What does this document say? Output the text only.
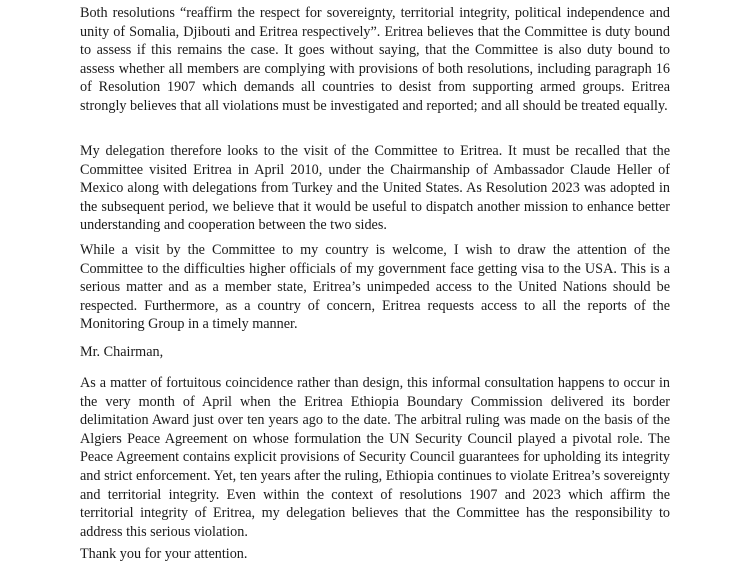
Both resolutions “reaffirm the respect for sovereignty, territorial integrity, political independence and unity of Somalia, Djibouti and Eritrea respectively”. Eritrea believes that the Committee is duty bound to assess if this remains the case. It goes without saying, that the Committee is also duty bound to assess whether all members are complying with provisions of both resolutions, including paragraph 16 of Resolution 1907 which demands all countries to desist from supporting armed groups. Eritrea strongly believes that all violations must be investigated and reported; and all should be treated equally.

My delegation therefore looks to the visit of the Committee to Eritrea. It must be recalled that the Committee visited Eritrea in April 2010, under the Chairmanship of Ambassador Claude Heller of Mexico along with delegations from Turkey and the United States. As Resolution 2023 was adopted in the subsequent period, we believe that it would be useful to dispatch another mission to enhance better understanding and cooperation between the two sides.

While a visit by the Committee to my country is welcome, I wish to draw the attention of the Committee to the difficulties higher officials of my government face getting visa to the USA. This is a serious matter and as a member state, Eritrea’s unimpeded access to the United Nations should be respected. Furthermore, as a country of concern, Eritrea requests access to all the reports of the Monitoring Group in a timely manner.

Mr. Chairman,

As a matter of fortuitous coincidence rather than design, this informal consultation happens to occur in the very month of April when the Eritrea Ethiopia Boundary Commission delivered its border delimitation Award just over ten years ago to the date. The arbitral ruling was made on the basis of the Algiers Peace Agreement on whose formulation the UN Security Council played a pivotal role. The Peace Agreement contains explicit provisions of Security Council guarantees for upholding its integrity and strict enforcement. Yet, ten years after the ruling, Ethiopia continues to violate Eritrea’s sovereignty and territorial integrity. Even within the context of resolutions 1907 and 2023 which affirm the territorial integrity of Eritrea, my delegation believes that the Committee has the responsibility to address this serious violation.

Thank you for your attention.
